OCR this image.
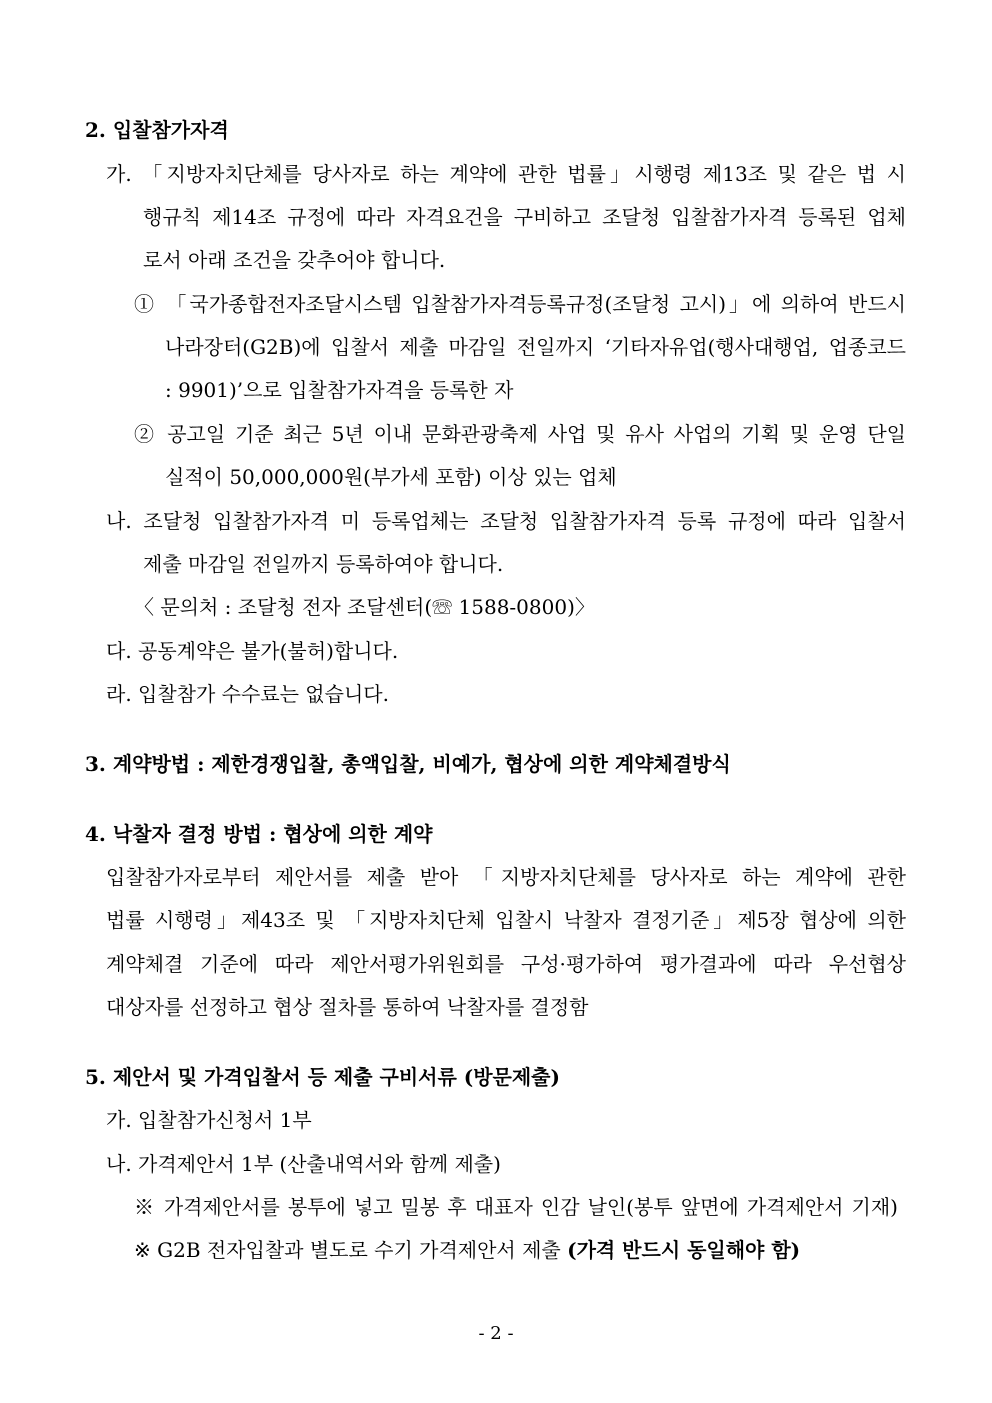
2. 입찰참가자격
가. 「지방자치단체를 당사자로 하는 계약에 관한 법률」시행령 제13조 및 같은 법 시
행규칙 제14조 규정에 따라 자격요건을 구비하고 조달청 입찰참가자격 등록된 업체
로서 아래 조건을 갖추어야 합니다.
① 「국가종합전자조달시스템 입찰참가자격등록규정(조달청 고시)」에 의하여 반드시
나라장터(G2B)에 입찰서 제출 마감일 전일까지 ‘기타자유업(행사대행업, 업종코드
: 9901)’으로 입찰참가자격을 등록한 자
② 공고일 기준 최근 5년 이내 문화관광축제 사업 및 유사 사업의 기획 및 운영 단일
실적이 50,000,000원(부가세 포함) 이상 있는 업체
나. 조달청 입찰참가자격 미 등록업체는 조달청 입찰참가자격 등록 규정에 따라 입찰서
제출 마감일 전일까지 등록하여야 합니다.
〈 문의처 : 조달청 전자 조달센터(☏ 1588-0800)〉
다. 공동계약은 불가(불허)합니다.
라. 입찰참가 수수료는 없습니다.
3. 계약방법 : 제한경쟁입찰, 총액입찰, 비예가, 협상에 의한 계약체결방식
4. 낙찰자 결정 방법 : 협상에 의한 계약
입찰참가자로부터 제안서를 제출 받아 「지방자치단체를 당사자로 하는 계약에 관한
법률 시행령」제43조 및 「지방자치단체 입찰시 낙찰자 결정기준」제5장 협상에 의한
계약체결 기준에 따라 제안서평가위원회를 구성·평가하여 평가결과에 따라 우선협상
대상자를 선정하고 협상 절차를 통하여 낙찰자를 결정함
5. 제안서 및 가격입찰서 등 제출 구비서류 (방문제출)
가. 입찰참가신청서 1부
나. 가격제안서 1부 (산출내역서와 함께 제출)
※ 가격제안서를 봉투에 넣고 밀봉 후 대표자 인감 날인(봉투 앞면에 가격제안서 기재)
※ G2B 전자입찰과 별도로 수기 가격제안서 제출 (가격 반드시 동일해야 함)
- 2 -
